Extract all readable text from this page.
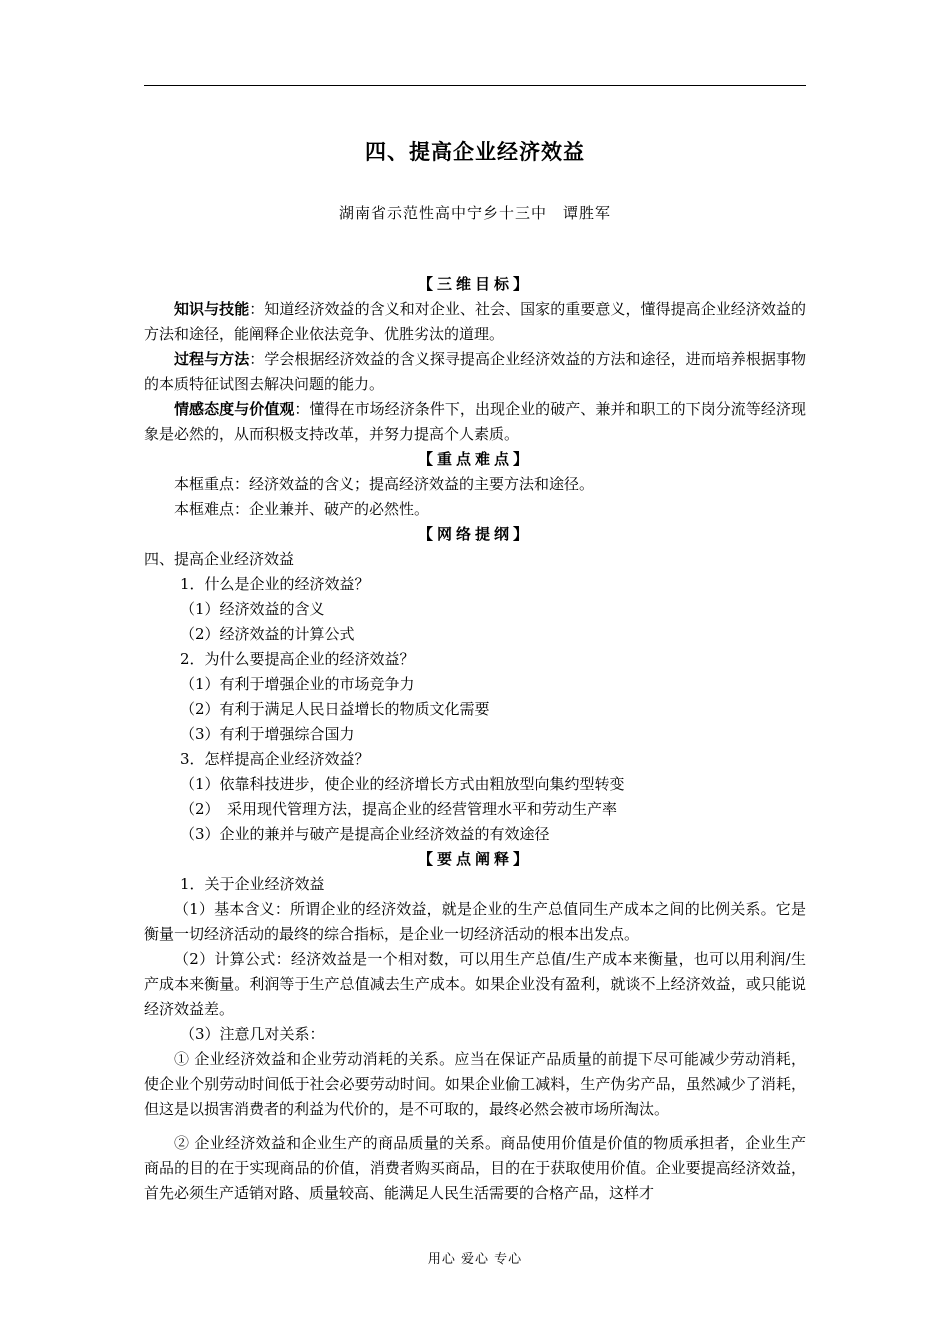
四、提高企业经济效益
湖南省示范性高中宁乡十三中　谭胜军

【三维目标】

知识与技能：知道经济效益的含义和对企业、社会、国家的重要意义，懂得提高企业经济效益的方法和途径，能阐释企业依法竞争、优胜劣汰的道理。

过程与方法：学会根据经济效益的含义探寻提高企业经济效益的方法和途径，进而培养根据事物的本质特征试图去解决问题的能力。

情感态度与价值观：懂得在市场经济条件下，出现企业的破产、兼并和职工的下岗分流等经济现象是必然的，从而积极支持改革，并努力提高个人素质。

【重点难点】

本框重点：经济效益的含义；提高经济效益的主要方法和途径。

本框难点：企业兼并、破产的必然性。

【网络提纲】

四、提高企业经济效益

1．什么是企业的经济效益？

（1）经济效益的含义

（2）经济效益的计算公式

2．为什么要提高企业的经济效益？

（1）有利于增强企业的市场竞争力

（2）有利于满足人民日益增长的物质文化需要

（3）有利于增强综合国力

3．怎样提高企业经济效益？

（1）依靠科技进步，使企业的经济增长方式由粗放型向集约型转变

（2）　采用现代管理方法，提高企业的经营管理水平和劳动生产率

（3）企业的兼并与破产是提高企业经济效益的有效途径

【要点阐释】

1．关于企业经济效益

（1）基本含义：所谓企业的经济效益，就是企业的生产总值同生产成本之间的比例关系。它是衡量一切经济活动的最终的综合指标，是企业一切经济活动的根本出发点。

（2）计算公式：经济效益是一个相对数，可以用生产总值/生产成本来衡量，也可以用利润/生产成本来衡量。利润等于生产总值减去生产成本。如果企业没有盈利，就谈不上经济效益，或只能说经济效益差。

（3）注意几对关系：

① 企业经济效益和企业劳动消耗的关系。应当在保证产品质量的前提下尽可能减少劳动消耗，使企业个别劳动时间低于社会必要劳动时间。如果企业偷工减料，生产伪劣产品，虽然减少了消耗，但这是以损害消费者的利益为代价的，是不可取的，最终必然会被市场所淘汰。

② 企业经济效益和企业生产的商品质量的关系。商品使用价值是价值的物质承担者，企业生产商品的目的在于实现商品的价值，消费者购买商品，目的在于获取使用价值。企业要提高经济效益，首先必须生产适销对路、质量较高、能满足人民生活需要的合格产品，这样才

用心 爱心 专心
